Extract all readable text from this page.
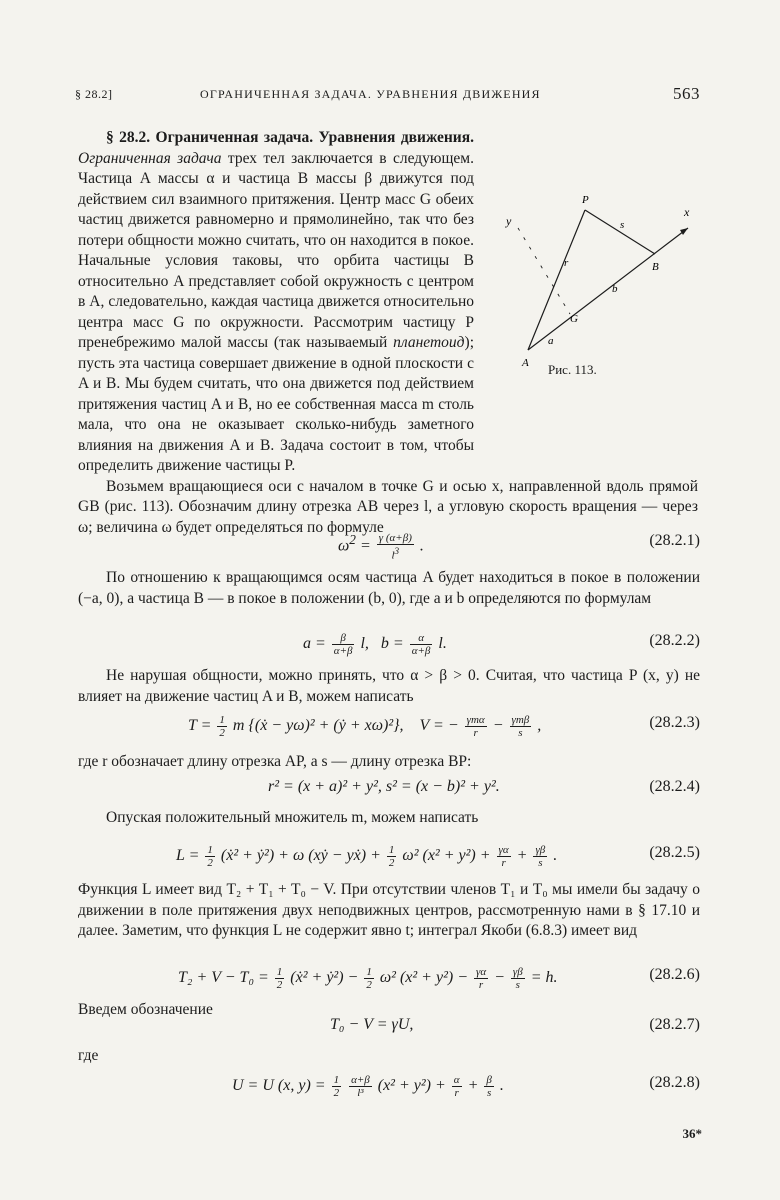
§ 28.2]	ОГРАНИЧЕННАЯ ЗАДАЧА. УРАВНЕНИЯ ДВИЖЕНИЯ	563
P
s
x
y
B
r
b
G
a
A Рис. 113.

§ 28.2. Ограниченная задача. Уравнения движения. Ограниченная задача трех тел заключается в следующем. Частица A массы α и частица B массы β движутся под действием сил взаимного притяжения. Центр масс G обеих частиц движется равномерно и прямолинейно, так что без потери общности можно считать, что он находится в покое. Начальные условия таковы, что орбита частицы B относительно A представляет собой окружность с центром в A, следовательно, каждая частица движется относительно центра масс G по окружности. Рассмотрим частицу P пренебрежимо малой массы (так называемый планетоид); пусть эта частица совершает движение в одной плоскости с A и B. Мы будем считать, что она движется под действием притяжения частиц A и B, но ее собственная масса m столь мала, что она не оказывает сколько-нибудь заметного влияния на движения A и B. Задача состоит в том, чтобы определить движение частицы P.

Возьмем вращающиеся оси с началом в точке G и осью x, направленной вдоль прямой GB (рис. 113). Обозначим длину отрезка AB через l, а угловую скорость вращения — через ω; величина ω будет определяться по формуле

$\omega^2 = \frac{\gamma (\alpha+\beta)}{l^3}$ .	(28.2.1)

По отношению к вращающимся осям частица A будет находиться в покое в положении (−a, 0), а частица B — в покое в положении (b, 0), где a и b определяются по формулам

$a = \frac{\beta}{\alpha+\beta} l$,   $b = \frac{\alpha}{\alpha+\beta} l$.	(28.2.2)

Не нарушая общности, можно принять, что α > β > 0. Считая, что частица P (x, y) не влияет на движение частиц A и B, можем написать

$T = \frac{1}{2}$ m {(ẋ − yω)² + (ẏ + xω)²},    V = − $\frac{\text{γmα}}{r} - \frac{\text{γmβ}}{s}$ ,	(28.2.3)

где r обозначает длину отрезка AP, а s — длину отрезка BP:

r² = (x + a)² + y², s² = (x − b)² + y².	(28.2.4)

Опуская положительный множитель m, можем написать

$L = \frac{1}{2}$ (ẋ² + ẏ²) + ω (xẏ − yẋ) + $\frac{1}{2} \omega^2$ $(x^2 + y^2) + \frac{\gamma\alpha}{r} + \frac{\gamma\beta}{s}$ .	(28.2.5)

Функция L имеет вид T₂ + T₁ + T₀ − V. При отсутствии членов T₁ и T₀ мы имели бы задачу о движении в поле притяжения двух неподвижных центров, рассмотренную нами в § 17.10 и далее. Заметим, что функция L не содержит явно t; интеграл Якоби (6.8.3) имеет вид

$T_2 + V - T_0 = \frac{1}{2}$ (ẋ² + ẏ²) − $\frac{1}{2} \omega^2$ $(x^2 + y^2) - \frac{\gamma\alpha}{r} - \frac{\gamma\beta}{s} = h$.	(28.2.6)

Введем обозначение

T₀ − V = γU,	(28.2.7)

где

U = U (x, $y) = \frac{1}{2}$
$\frac{\alpha+\beta}{\text{l³}} (x^2 + y^2) + \frac{\alpha}{r} + \frac{\beta}{s}$ .	(28.2.8)
36*
